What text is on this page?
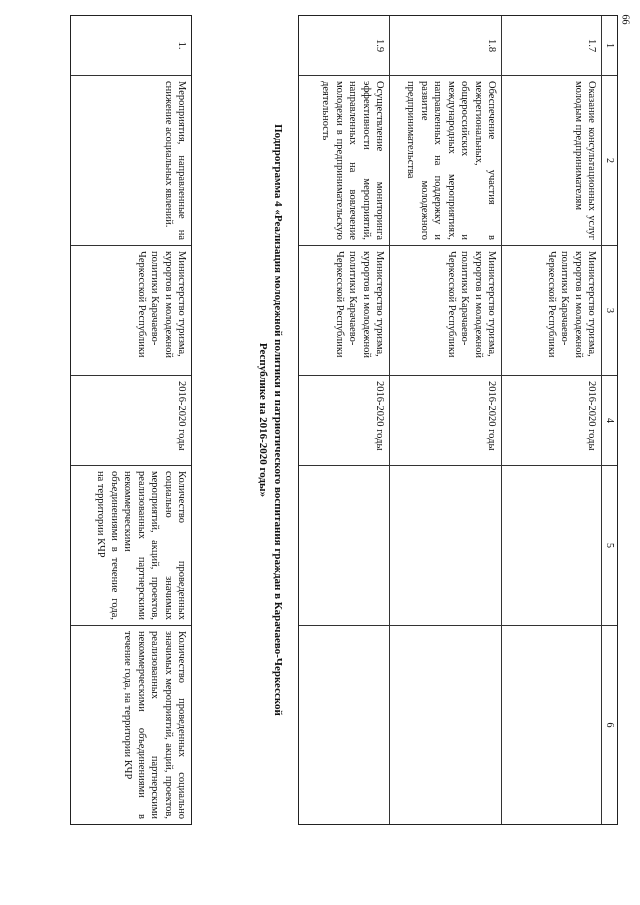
66
1
2
3
4
5
6
1.7
Оказание консультационных услуг молодым предпринимателям
Министерство туризма, курортов и молодежной политики Карачаево-Черкесской Республики
2016-2020 годы
1.8
Обеспечение участия в межрегиональных, общероссийских и международных мероприятиях, направленных на поддержку и развитие молодежного предпринимательства
Министерство туризма, курортов и молодежной политики Карачаево-Черкесской Республики
2016-2020 годы
1.9
Осуществление мониторинга эффективности мероприятий, направленных на вовлечение молодежи в предпринимательскую деятельность
Министерство туризма, курортов и молодежной политики Карачаево-Черкесской Республики
2016-2020 годы
Подпрограмма 4 «Реализация молодежной политики и патриотического воспитания граждан в Карачаево-Черкесской Республике на 2016-2020 годы»
1.
Мероприятия, направленные на снижение асоциальных явлений.
Министерство туризма, курортов и молодежной политики Карачаево-Черкесской Республики
2016-2020 годы
Количество проведенных социально значимых мероприятий, акций, проектов, реализованных партнерскими некоммерческими объединениями в течение года, на территории КЧР
Количество проведенных социально значимых мероприятий, акций, проектов, реализованных партнерскими некоммерческими объединениями в течение года, на территории КЧР
